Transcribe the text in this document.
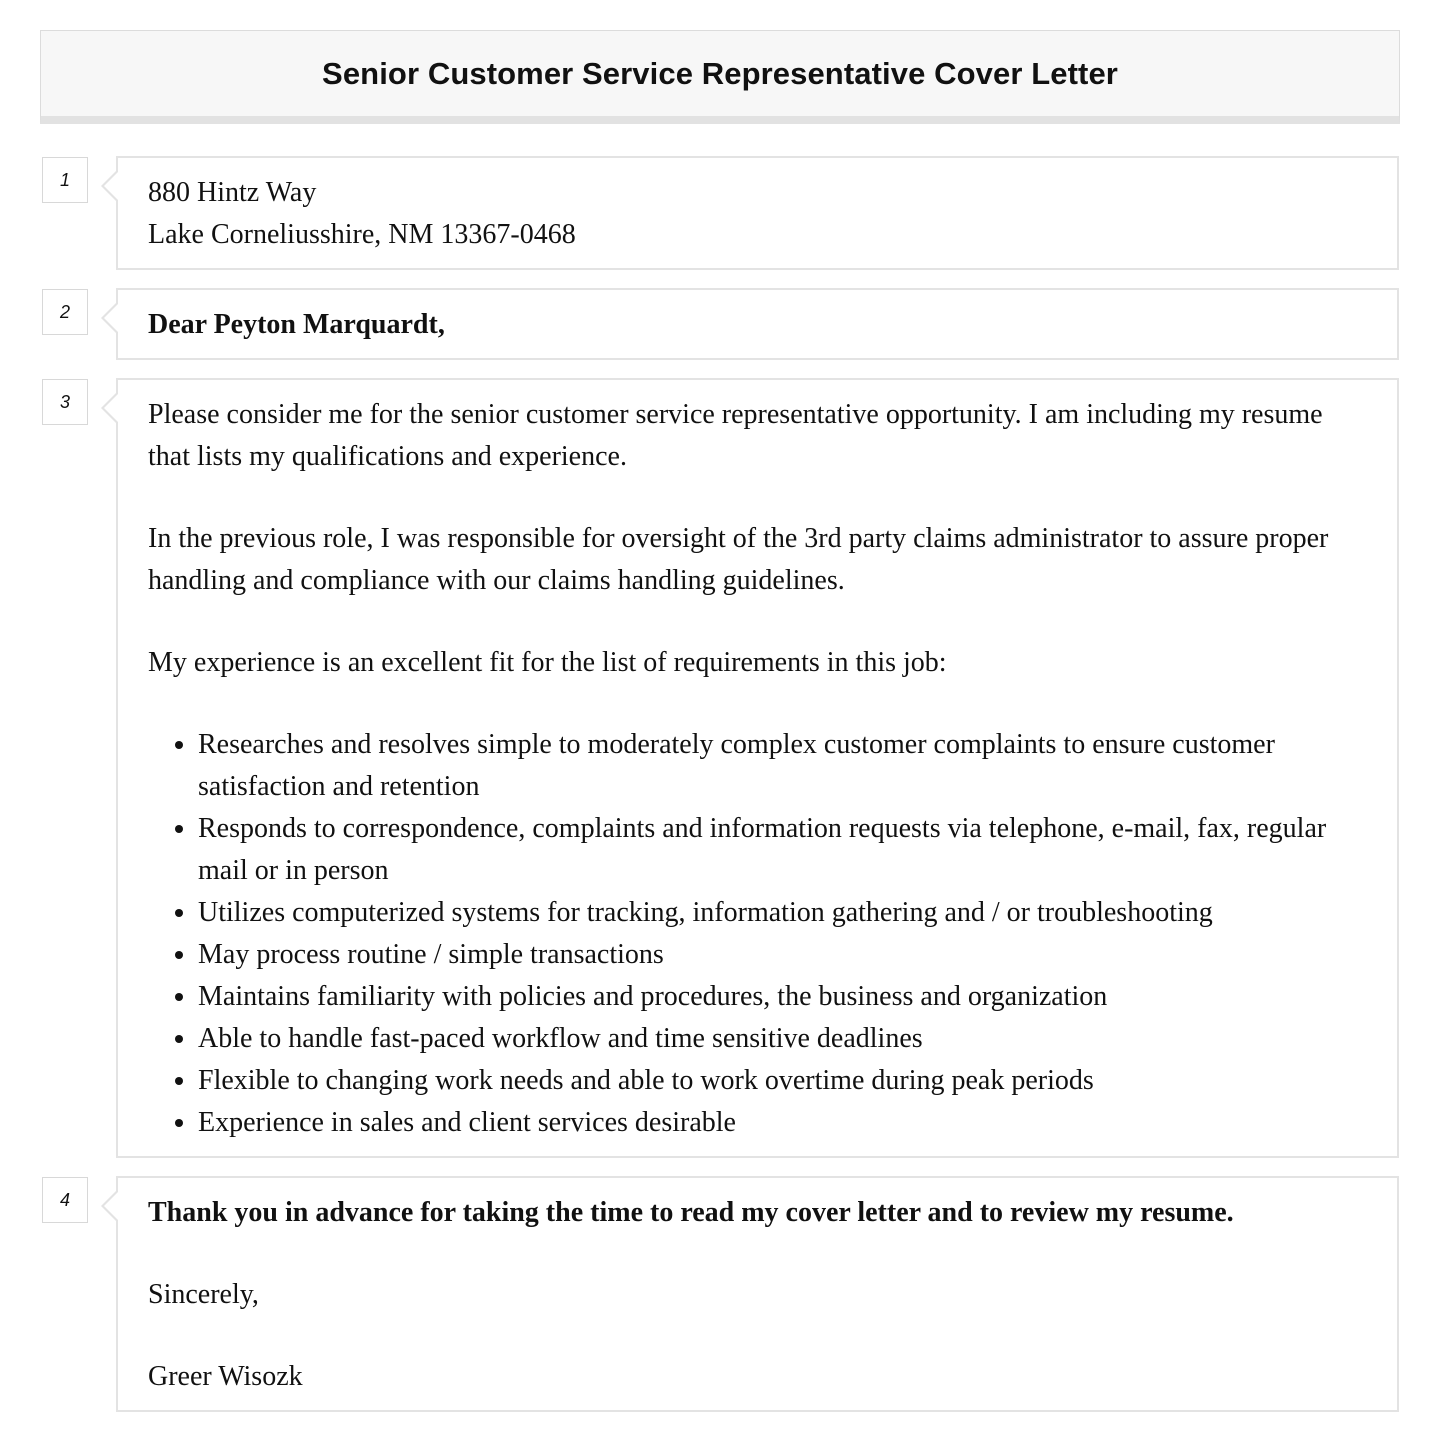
Senior Customer Service Representative Cover Letter
1	880 Hintz Way
Lake Corneliusshire, NM 13367-0468
2	Dear Peyton Marquardt,
3	Please consider me for the senior customer service representative opportunity. I am including my resume that lists my qualifications and experience.

In the previous role, I was responsible for oversight of the 3rd party claims administrator to assure proper handling and compliance with our claims handling guidelines.

My experience is an excellent fit for the list of requirements in this job:

• Researches and resolves simple to moderately complex customer complaints to ensure customer satisfaction and retention
• Responds to correspondence, complaints and information requests via telephone, e-mail, fax, regular mail or in person
• Utilizes computerized systems for tracking, information gathering and / or troubleshooting
• May process routine / simple transactions
• Maintains familiarity with policies and procedures, the business and organization
• Able to handle fast-paced workflow and time sensitive deadlines
• Flexible to changing work needs and able to work overtime during peak periods
• Experience in sales and client services desirable
4	Thank you in advance for taking the time to read my cover letter and to review my resume.

Sincerely,

Greer Wisozk
